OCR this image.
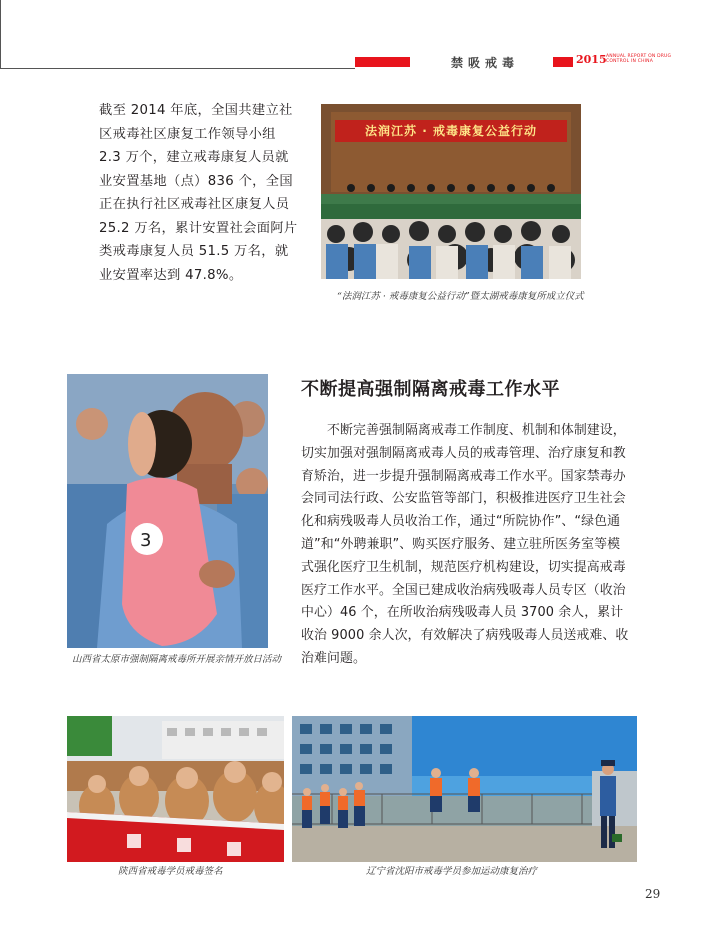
禁吸戒毒	2015 ANNUAL REPORT ON DRUG
CONTROL IN CHINA
截至 2014 年底，全国共建立社区戒毒社区康复工作领导小组 2.3 万个，建立戒毒康复人员就业安置基地（点）836 个，全国正在执行社区戒毒社区康复人员 25.2 万名，累计安置社会面阿片类戒毒康复人员 51.5 万名，就业安置率达到 47.8%。
法润江苏 · 戒毒康复公益行动
“法润江苏 · 戒毒康复公益行动”暨太湖戒毒康复所成立仪式
3
山西省太原市强制隔离戒毒所开展亲情开放日活动
不断提高强制隔离戒毒工作水平
不断完善强制隔离戒毒工作制度、机制和体制建设，切实加强对强制隔离戒毒人员的戒毒管理、治疗康复和教育矫治，进一步提升强制隔离戒毒工作水平。国家禁毒办会同司法行政、公安监管等部门，积极推进医疗卫生社会化和病残吸毒人员收治工作，通过“所院协作”、“绿色通道”和“外聘兼职”、购买医疗服务、建立驻所医务室等模式强化医疗卫生机制，规范医疗机构建设，切实提高戒毒医疗工作水平。全国已建成收治病残吸毒人员专区（收治中心）46 个，在所收治病残吸毒人员 3700 余人，累计收治 9000 余人次，有效解决了病残吸毒人员送戒难、收治难问题。
陕西省戒毒学员戒毒签名	辽宁省沈阳市戒毒学员参加运动康复治疗
29
